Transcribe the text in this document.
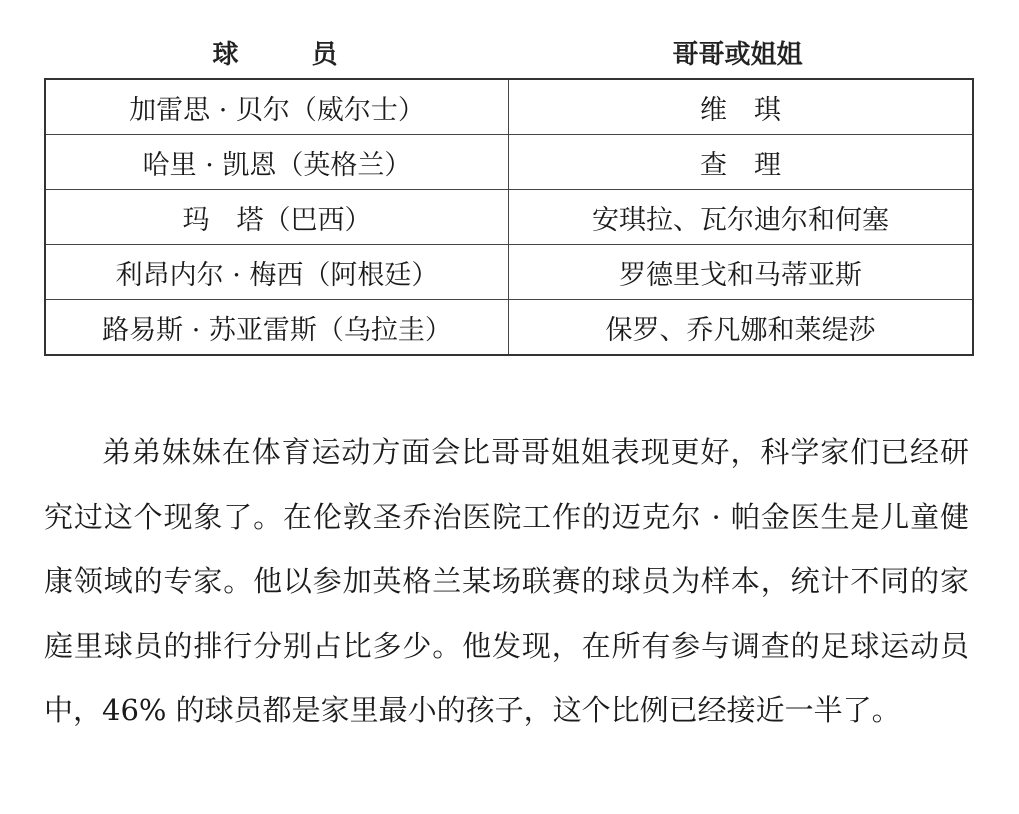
球 员	哥哥或姐姐
加雷思 · 贝尔（威尔士）	维　琪
哈里 · 凯恩（英格兰）	查　理
玛　塔（巴西）	安琪拉、瓦尔迪尔和何塞
利昂内尔 · 梅西（阿根廷）	罗德里戈和马蒂亚斯
路易斯 · 苏亚雷斯（乌拉圭）	保罗、乔凡娜和莱缇莎

弟弟妹妹在体育运动方面会比哥哥姐姐表现更好，科学家们已经研究过这个现象了。在伦敦圣乔治医院工作的迈克尔 · 帕金医生是儿童健康领域的专家。他以参加英格兰某场联赛的球员为样本，统计不同的家庭里球员的排行分别占比多少。他发现，在所有参与调查的足球运动员中，46% 的球员都是家里最小的孩子，这个比例已经接近一半了。
